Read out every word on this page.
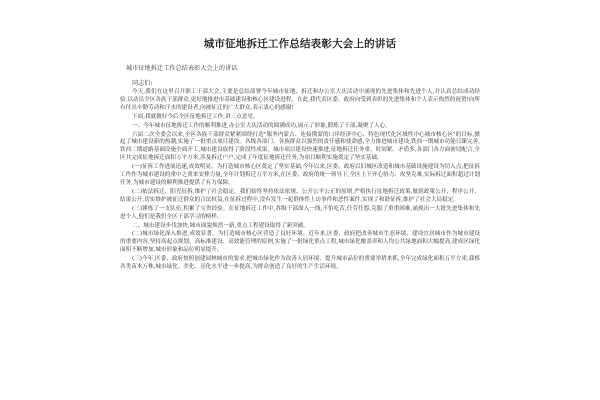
城市征地拆迁工作总结表彰大会上的讲话
城市征地拆迁工作总结表彰大会上的讲话
同志们:

今天,我们在这里召开职工干部大会,主要是总结部署今年城市征地、拆迁和办公室大庆活动中涌现的先进集体和先进个人,并认真总结成功经验,以动员全区各族干部群众,更好地推进市基础建设和核心区建设进程。在此,我代表区委、政府向受到表彰的先进集体和个人表示热烈的祝贺!向所有付出辛勤劳动和汗水的建设者,向被征迁的广大群众,表示衷心的感谢!

下面,我就做好今后全区征地拆迁工作,讲三点意见。

一、今年城市征地拆迁工作的顺利推进,办公室大庆活动的圆满成功,展示了形象,锻炼了干部,凝聚了人心。

六届二次全委会以来,全区各族干部群众紧紧围绕打造"服务内蒙古、连接俄蒙的口岸经济中心、特色现代化区域性中心城市核心区"的目标,掀起了城市建设新的热潮,实施了一批重点项目建设。各级各部门、各族群众以强烈的责任感和使命感,全力推进城市建设,铁西一期城市功能日臻完善,铁西二期道路基础设施全面开工,城市建设取得了阶段性成果。城市项目建设快速推进,征地拆迁任务重、时间紧、矛盾多,各部门各方面密切配合,全区共完成征地拆迁面积万平方米,涉及拆迁户户,完成了年度征地拆迁任务,为项目顺利实施奠定了坚实基础。

(一)征拆工作进展迅速,成效明显。为打造城市核心区奠定了坚实基础,今年以来,区委、政府以旧城区改造和城市基础设施建设为切入点,把征拆工作作为城市建设的重中之重来安排力量,全年计划拆迁万平方米,在区委、政府的统一领导下,全区上下齐心协力、攻坚克难,实际拆迁面积超过计划任务,为城市建设的顺利推进提供了有力保障。

(二)依法拆迁、阳光征拆,维护了社会稳定。我们始终坚持依法依规、公开公平公正的原则,严格执行征地拆迁政策,做到政策公开、程序公开、结果公开,切实维护被征迁群众的合法权益,在征拆过程中,没有发生一起群体性上访事件和恶性案件,实现了和谐征拆,维护了社会大局稳定。

(三)锤炼了一支队伍,积累了宝贵经验。在征地拆迁工作中,各级干部深入一线,不怕吃苦,任劳任怨,克服了重重困难,涌现出一大批先进集体和先进个人,他们是我们全区干部学习的榜样。

二、城市建设步伐加快,城市面貌焕然一新,重点工程建设取得了新突破。

(二)城市绿化深入推进,成效显著。为打造城市核心区营造了良好环境。近年来,区委、政府把改善城市生态环境、建设宜居城市作为城市建设的重要内容,坚持高起点规划、高标准建设、高效能管理的原则,实施了一批绿化重点工程,城市绿化覆盖率和人均公共绿地面积大幅提高,建成区绿化面积不断增加,城市形象和品位明显提升。

(三)今年,区委、政府按照创建园林城市的要求,把城市绿化作为改善人居环境、提升城市品位的重要举措来抓,全年完成绿化面积万平方米,栽植各类苗木万株,城市绿化、美化、亮化水平进一步提高,为群众创造了良好的生产生活环境。
